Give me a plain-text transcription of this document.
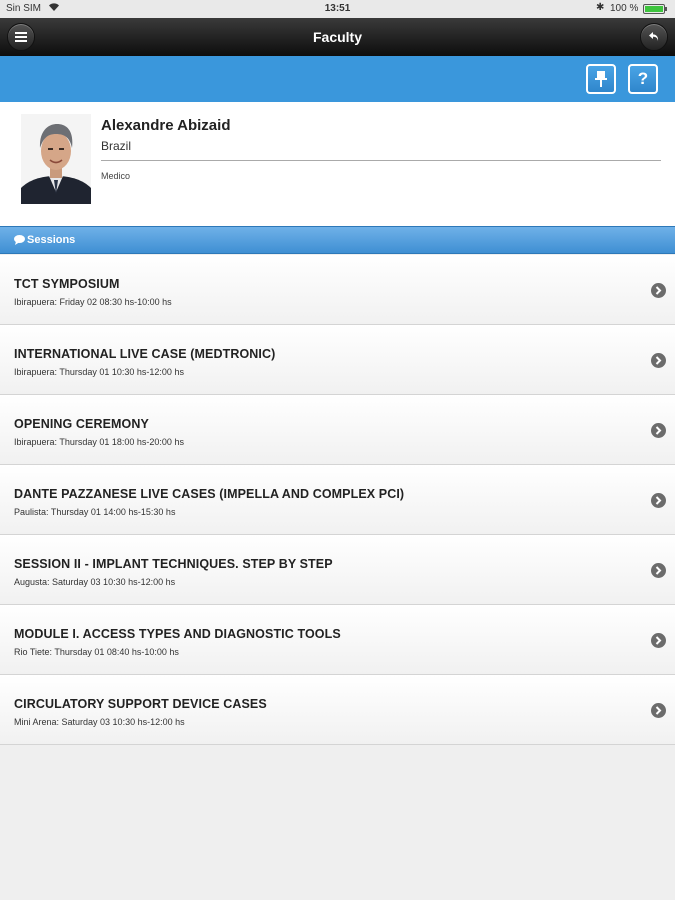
Sin SIM	13:51	✱ 100 %
Faculty
?
Alexandre Abizaid
Brazil
Medico
Sessions
TCT SYMPOSIUM
Ibirapuera: Friday 02 08:30 hs-10:00 hs
INTERNATIONAL LIVE CASE (MEDTRONIC)
Ibirapuera: Thursday 01 10:30 hs-12:00 hs
OPENING CEREMONY
Ibirapuera: Thursday 01 18:00 hs-20:00 hs
DANTE PAZZANESE LIVE CASES (IMPELLA AND COMPLEX PCI)
Paulista: Thursday 01 14:00 hs-15:30 hs
SESSION II - IMPLANT TECHNIQUES. STEP BY STEP
Augusta: Saturday 03 10:30 hs-12:00 hs
MODULE I. ACCESS TYPES AND DIAGNOSTIC TOOLS
Rio Tiete: Thursday 01 08:40 hs-10:00 hs
CIRCULATORY SUPPORT DEVICE CASES
Mini Arena: Saturday 03 10:30 hs-12:00 hs
